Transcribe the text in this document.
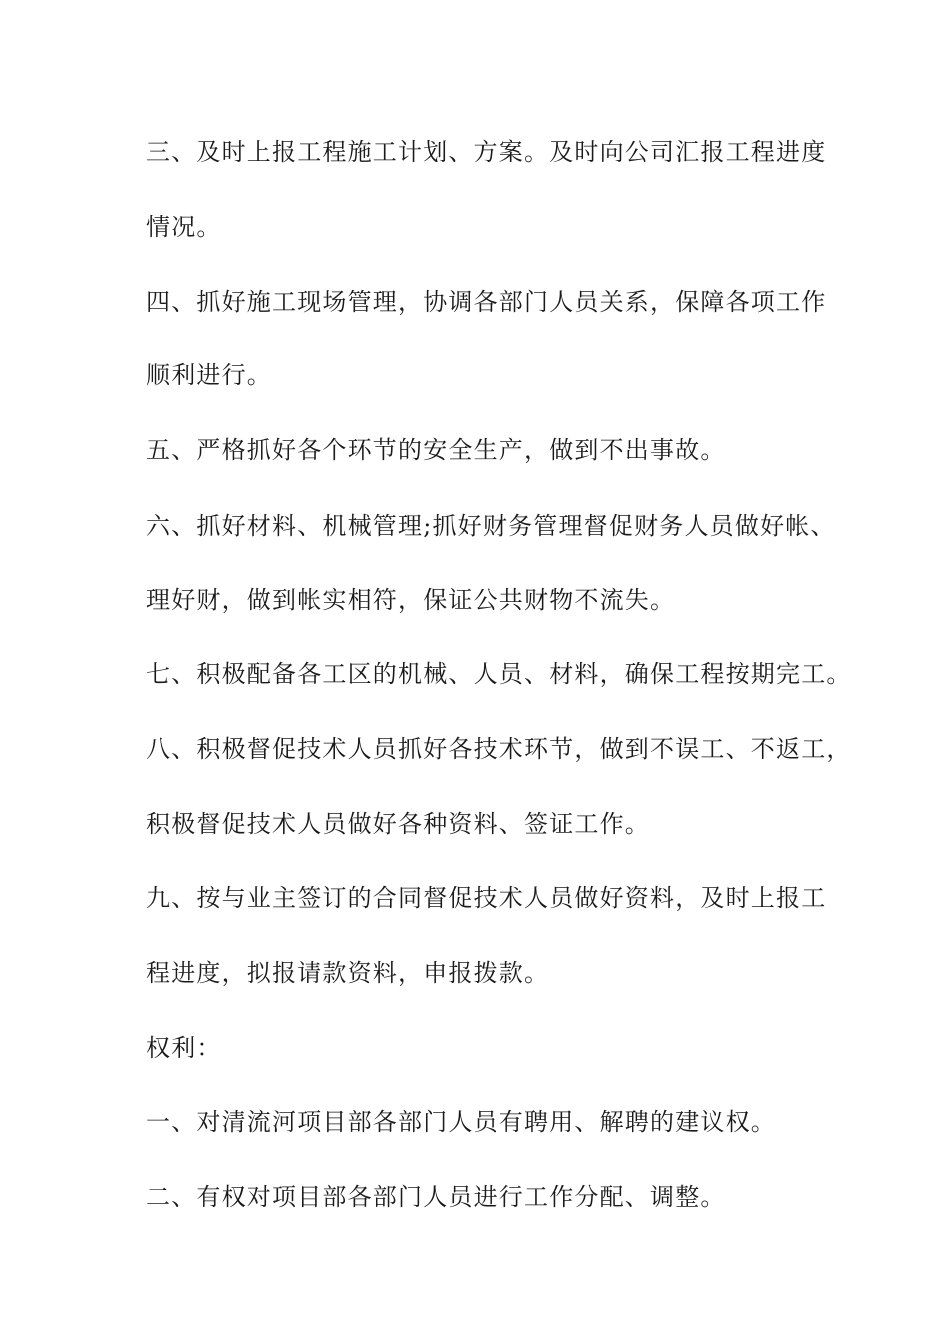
三、及时上报工程施工计划、方案。及时向公司汇报工程进度
情况。
四、抓好施工现场管理，协调各部门人员关系，保障各项工作
顺利进行。
五、严格抓好各个环节的安全生产，做到不出事故。
六、抓好材料、机械管理;抓好财务管理督促财务人员做好帐、
理好财，做到帐实相符，保证公共财物不流失。
七、积极配备各工区的机械、人员、材料，确保工程按期完工。
八、积极督促技术人员抓好各技术环节，做到不误工、不返工，
积极督促技术人员做好各种资料、签证工作。
九、按与业主签订的合同督促技术人员做好资料，及时上报工
程进度，拟报请款资料，申报拨款。
权利：
一、对清流河项目部各部门人员有聘用、解聘的建议权。
二、有权对项目部各部门人员进行工作分配、调整。
